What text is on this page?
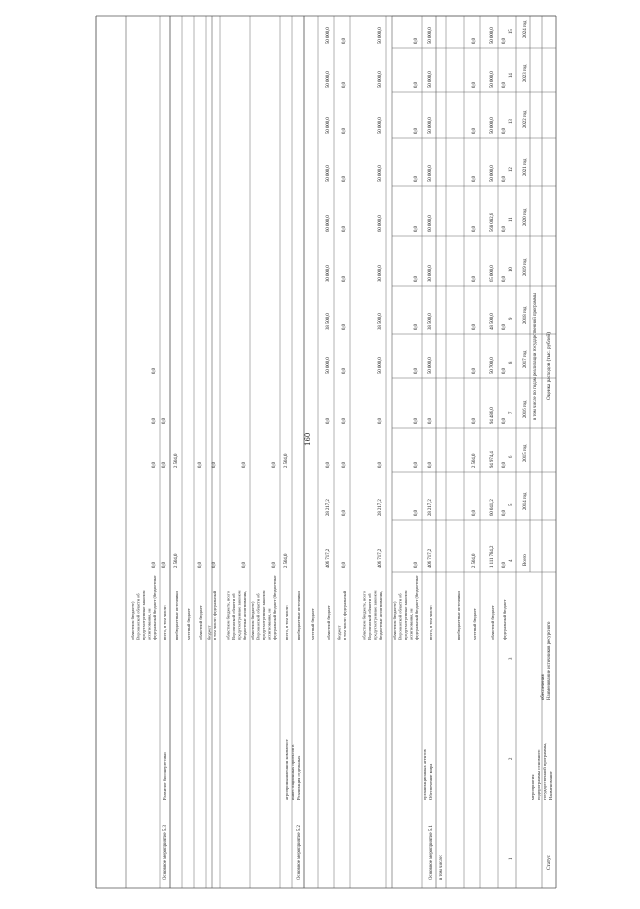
Статус
Наименование
государственной программы,
подпрограммы основного
мероприятия
Наименование источников ресурсного
обеспечения
Оценка расходов (тыс. рублей)
в том числе по годам реализации государственной программы
Всего
2014 год
2015 год
2016 год
2017 год
2018 год
2019 год
2020 год
2021 год
2022 год
2023 год
2024 год
4
5
6
7
8
9
10
11
12
13
14
15
1
2
3
федеральный бюджет
0,0
0,0
0,0
0,0
0,0
0,0
0,0
0,0
0,0
0,0
0,0
0,0
областной бюджет
1 111 784,2
60 041,2
94 974,4
94 486,0
50 700,0
48 500,0
65 000,0
568 082,6
50 000,0
50 000,0
50 000,0
50 000,0
местный бюджет
2 504,0
0,0
2 504,0
0,0
0,0
0,0
0,0
0,0
0,0
0,0
0,0
0,0
внебюджетные источники
в том числе:
Основное мероприятие 5.1
Обеспечение мира
организационных агентов
всего, в том числе:
406 717,2
28 217,2
0,0
0,0
50 000,0
38 500,0
30 000,0
60 000,0
50 000,0
50 000,0
50 000,0
50 000,0
федеральный бюджет (бюджетные
ассигнования, не
предусмотренные законом
Воронежской области об
областном бюджете)
0,0
0,0
0,0
0,0
0,0
0,0
0,0
0,0
0,0
0,0
0,0
0,0
бюджетные ассигнования,
предусмотренные законом
Воронежской области об
областном бюджете, всего
406 717,2
28 217,2
0,0
0,0
50 000,0
38 500,0
30 000,0
60 000,0
50 000,0
50 000,0
50 000,0
50 000,0
в том числе: федеральный
бюджет
0,0
0,0
0,0
0,0
0,0
0,0
0,0
0,0
0,0
0,0
0,0
0,0
областной бюджет
406 717,2
28 217,2
0,0
0,0
50 000,0
38 500,0
30 000,0
60 000,0
50 000,0
50 000,0
50 000,0
50 000,0
местный бюджет
Основное мероприятие 5.2
Реализация отдельных
инвестиционных проектов в
агропромышленном комплексе
внебюджетные источники
всего, в том числе:
2 504,0
2 504,0
федеральный бюджет (бюджетные
ассигнования, не
предусмотренные законом
Воронежской области об
областном бюджете)
0,0
0,0
бюджетные ассигнования,
предусмотренные законом
Воронежской области об
областном бюджете, всего
0,0
0,0
в том числе: федеральный
бюджет
0,0
0,0
областной бюджет
0,0
0,0
местный бюджет
внебюджетные источники
2 504,0
2 504,0
Основное мероприятие 5.3
Развитие биоэнергетики
всего, в том числе:
0,0
0,0
0,0
федеральный бюджет (бюджетные
ассигнования, не
предусмотренные законом
Воронежской области об
областном бюджете)
0,0
0,0
0,0
0,0
160
